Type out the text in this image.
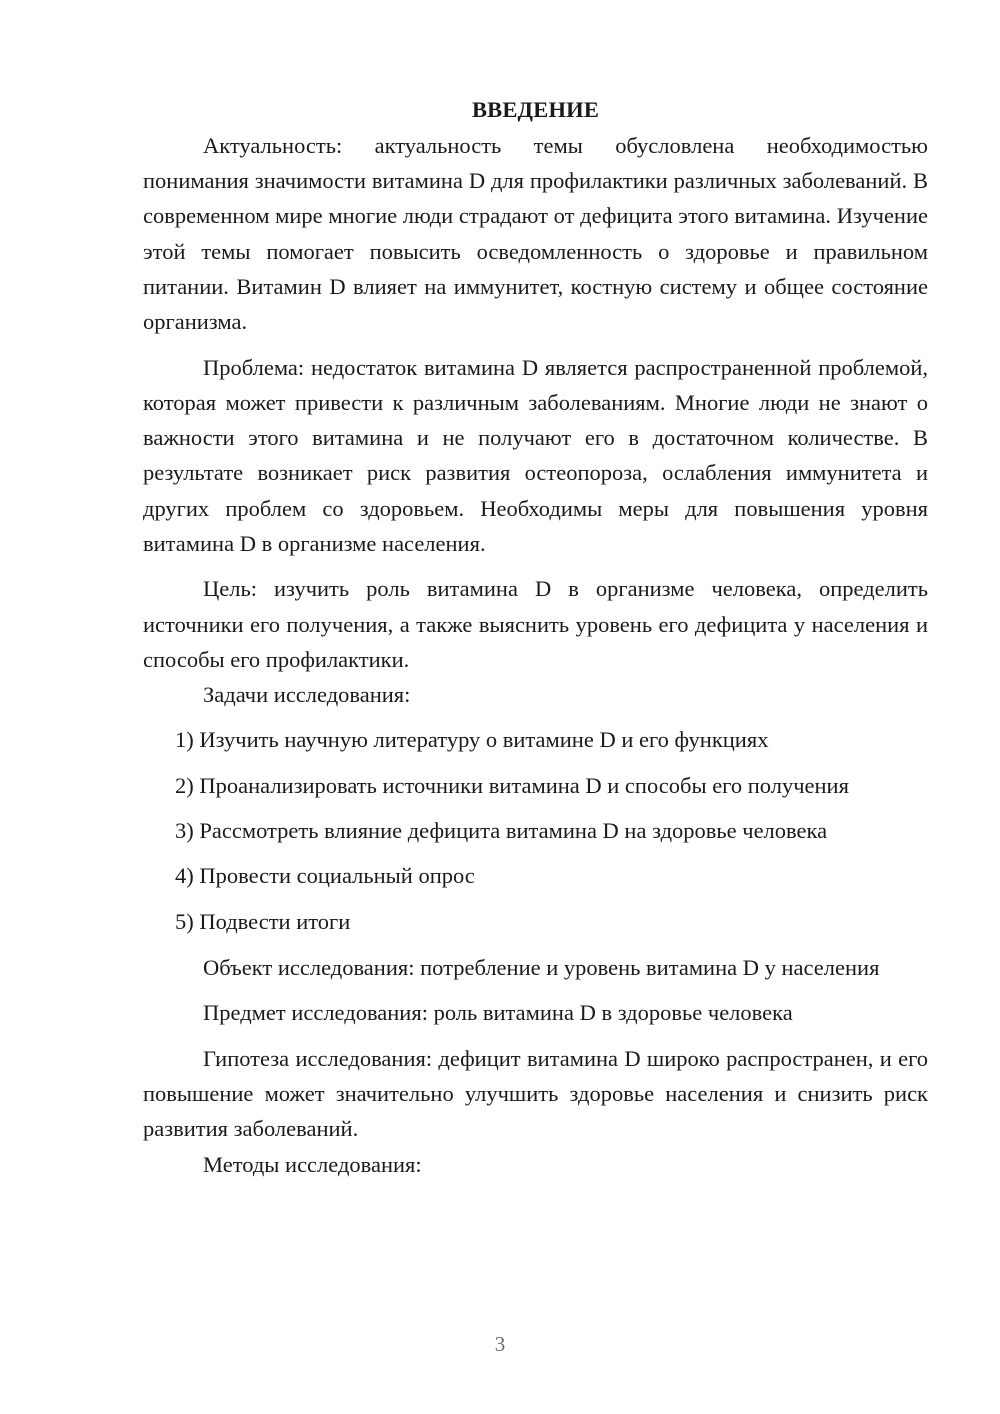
ВВЕДЕНИЕ

Актуальность: актуальность темы обусловлена необходимостью понимания значимости витамина D для профилактики различных заболеваний. В современном мире многие люди страдают от дефицита этого витамина. Изучение этой темы помогает повысить осведомленность о здоровье и правильном питании. Витамин D влияет на иммунитет, костную систему и общее состояние организма.

Проблема: недостаток витамина D является распространенной проблемой, которая может привести к различным заболеваниям. Многие люди не знают о важности этого витамина и не получают его в достаточном количестве. В результате возникает риск развития остеопороза, ослабления иммунитета и других проблем со здоровьем. Необходимы меры для повышения уровня витамина D в организме населения.

Цель: изучить роль витамина D в организме человека, определить источники его получения, а также выяснить уровень его дефицита у населения и способы его профилактики.

Задачи исследования:

1) Изучить научную литературу о витамине D и его функциях

2) Проанализировать источники витамина D и способы его получения

3) Рассмотреть влияние дефицита витамина D на здоровье человека

4) Провести социальный опрос

5) Подвести итоги

Объект исследования: потребление и уровень витамина D у населения

Предмет исследования: роль витамина D в здоровье человека

Гипотеза исследования: дефицит витамина D широко распространен, и его повышение может значительно улучшить здоровье населения и снизить риск развития заболеваний.

Методы исследования:

3
